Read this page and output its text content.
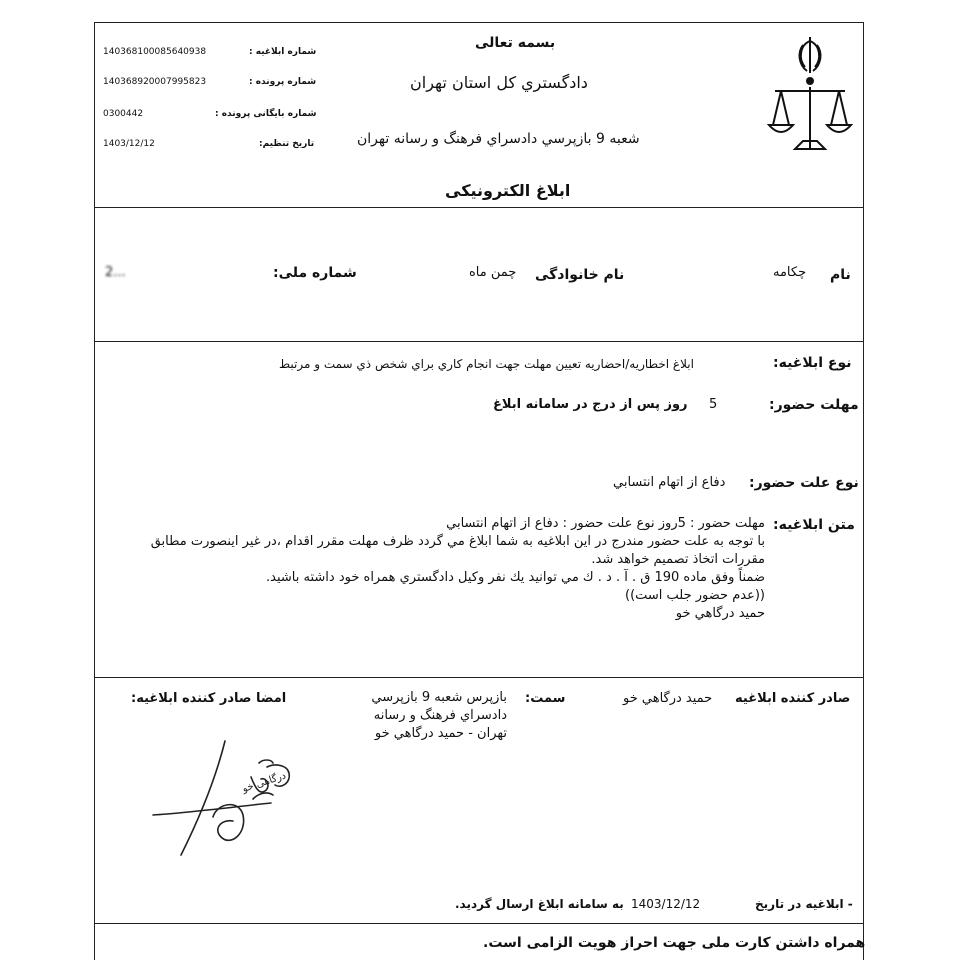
بسمه تعالی
دادگستري کل استان تهران
شعبه 9 بازپرسي دادسراي فرهنگ و رسانه تهران
140368100085640938	شماره ابلاغیه :
140368920007995823	شماره پرونده :
0300442	شماره بایگانی پرونده :
1403/12/12	تاریخ تنظیم:
ابلاغ الکترونیکی
نام
چکامه
نام خانوادگی
چمن ماه
شماره ملی:
2‌...
نوع ابلاغیه:
ابلاغ اخطاریه/احضاریه تعیین مهلت جهت انجام کاري براي شخص ذي سمت و مرتبط
مهلت حضور:
5
روز پس از درج در سامانه ابلاغ
نوع علت حضور:
دفاع از اتهام انتسابي
متن ابلاغیه:
مهلت حضور : 5روز نوع علت حضور : دفاع از اتهام انتسابي
با توجه به علت حضور مندرج در این ابلاغیه به شما ابلاغ مي گردد ظرف مهلت مقرر اقدام ،در غیر اینصورت مطابق
مقررات اتخاذ تصمیم خواهد شد.
ضمناً وفق ماده 190 ق . آ . د . ك مي توانید یك نفر وکیل دادگستري همراه خود داشته باشید.
((عدم حضور جلب است))
حمید درگاهي خو
صادر کننده ابلاغیه
حمید درگاهي خو
سمت:
بازپرس شعبه 9 بازپرسي
دادسراي فرهنگ و رسانه
تهران - حمید درگاهي خو
امضا صادر کننده ابلاغیه:
درگاهی خو
- ابلاغیه در تاریخ
1403/12/12
به سامانه ابلاغ ارسال گردید.
همراه داشتن کارت ملی جهت احراز هویت الزامی است.
